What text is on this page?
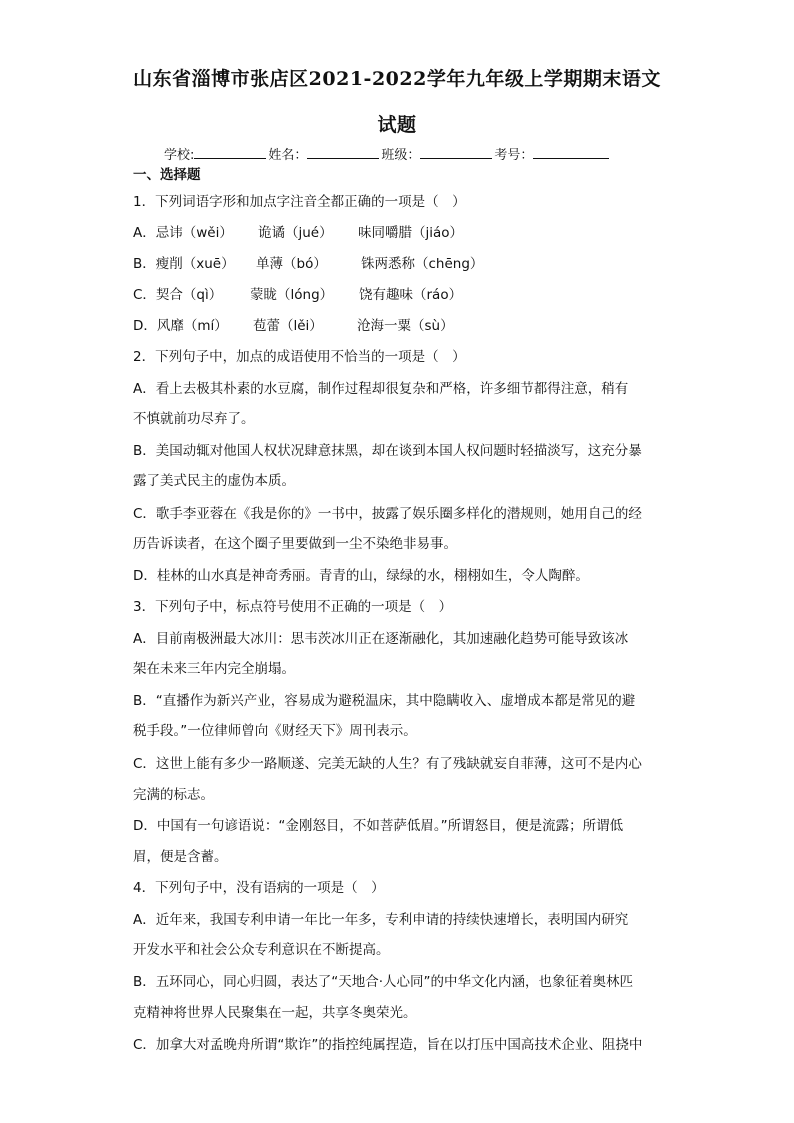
山东省淄博市张店区2021-2022学年九年级上学期期末语文
试题
学校:	姓名：	班级：	考号：
一、选择题
1．下列词语字形和加点字注音全都正确的一项是（　）
A．忌讳（wěi） 诡谲（jué） 味同嚼腊（jiáo）
B．瘦削（xuē） 单薄（bó）	铢两悉称（chēng）
C．契合（qì） 蒙眬（lóng） 饶有趣味（ráo）
D．风靡（mí） 苞蕾（lěi）	沧海一粟（sù）
2．下列句子中，加点的成语使用不恰当的一项是（　）
A．看上去极其朴素的水豆腐，制作过程却很复杂和严格，许多细节都得注意，稍有
不慎就前功尽弃了。
B．美国动辄对他国人权状况肆意抹黑，却在谈到本国人权问题时轻描淡写，这充分暴
露了美式民主的虚伪本质。
C．歌手李亚蓉在《我是你的》一书中，披露了娱乐圈多样化的潜规则，她用自己的经
历告诉读者，在这个圈子里要做到一尘不染绝非易事。
D．桂林的山水真是神奇秀丽。青青的山，绿绿的水，栩栩如生，令人陶醉。
3．下列句子中，标点符号使用不正确的一项是（　）
A．目前南极洲最大冰川：思韦茨冰川正在逐渐融化，其加速融化趋势可能导致该冰
架在未来三年内完全崩塌。
B．“直播作为新兴产业，容易成为避税温床，其中隐瞒收入、虚增成本都是常见的避
税手段。”一位律师曾向《财经天下》周刊表示。
C．这世上能有多少一路顺遂、完美无缺的人生？有了残缺就妄自菲薄，这可不是内心
完满的标志。
D．中国有一句谚语说：“金刚怒目，不如菩萨低眉。”所谓怒目，便是流露；所谓低
眉，便是含蓄。
4．下列句子中，没有语病的一项是（　）
A．近年来，我国专利申请一年比一年多，专利申请的持续快速增长，表明国内研究
开发水平和社会公众专利意识在不断提高。
B．五环同心，同心归圆，表达了“天地合·人心同”的中华文化内涵，也象征着奥林匹
克精神将世界人民聚集在一起，共享冬奥荣光。
C．加拿大对孟晚舟所谓“欺诈”的指控纯属捏造，旨在以打压中国高技术企业、阻挠中
